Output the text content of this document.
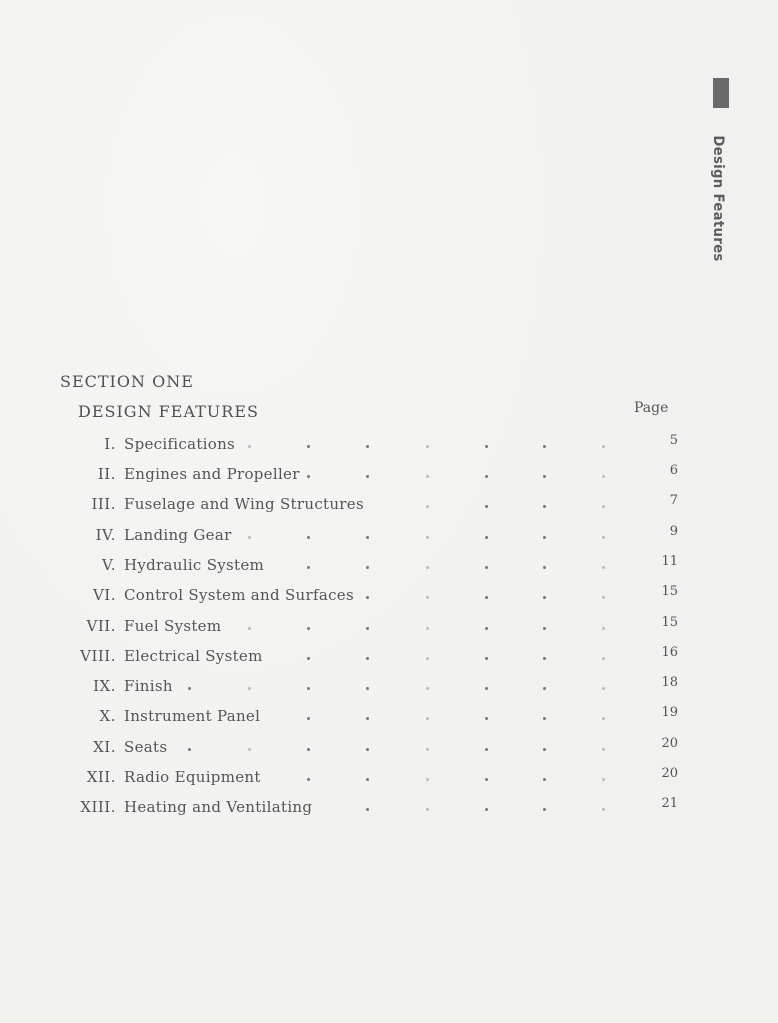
Design Features
SECTION ONE
DESIGN FEATURES	Page
I. Specifications	5
II. Engines and Propeller	6
III. Fuselage and Wing Structures	7
IV. Landing Gear	9
V. Hydraulic System	11
VI. Control System and Surfaces	15
VII. Fuel System	15
VIII. Electrical System	16
IX. Finish	18
X. Instrument Panel	19
XI. Seats	20
XII. Radio Equipment	20
XIII. Heating and Ventilating	21
